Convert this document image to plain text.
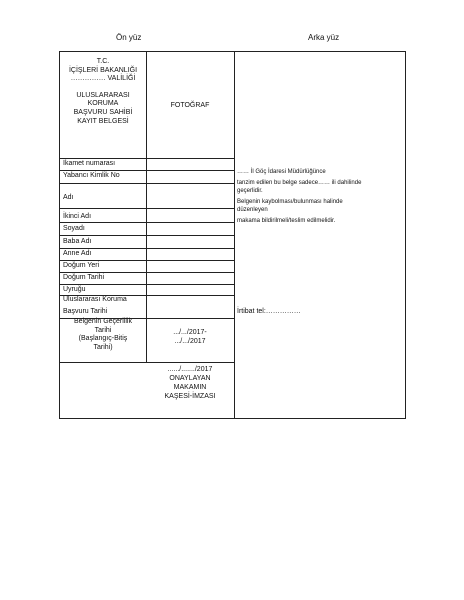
Ön yüz	Arka yüz
T.C.
İÇİŞLERİ BAKANLIĞI
…………… VALİLİĞİ
ULUSLARARASI
KORUMA
BAŞVURU SAHİBİ
KAYIT BELGESİ
FOTOĞRAF
İkamet numarası
Yabancı Kimlik No
Adı
İkinci Adı
Soyadı
Baba Adı
Anne Adı
Doğum Yeri
Doğum Tarihi
Uyruğu
Uluslararası Koruma
Başvuru Tarihi
Belgenin Geçerlilik
Tarihi
(Başlangıç-Bitiş
Tarihi)
.../.../2017-
.../.../2017
....../......./2017
ONAYLAYAN
MAKAMIN
KAŞESİ-İMZASI
…… İl Göç İdaresi Müdürlüğünce
tanzim edilen bu belge sadece…… ili dahilinde
geçerlidir.
Belgenin kaybolması/bulunması halinde
düzenleyen
makama bildirilmeli/teslim edilmelidir.
İrtibat tel:……………
